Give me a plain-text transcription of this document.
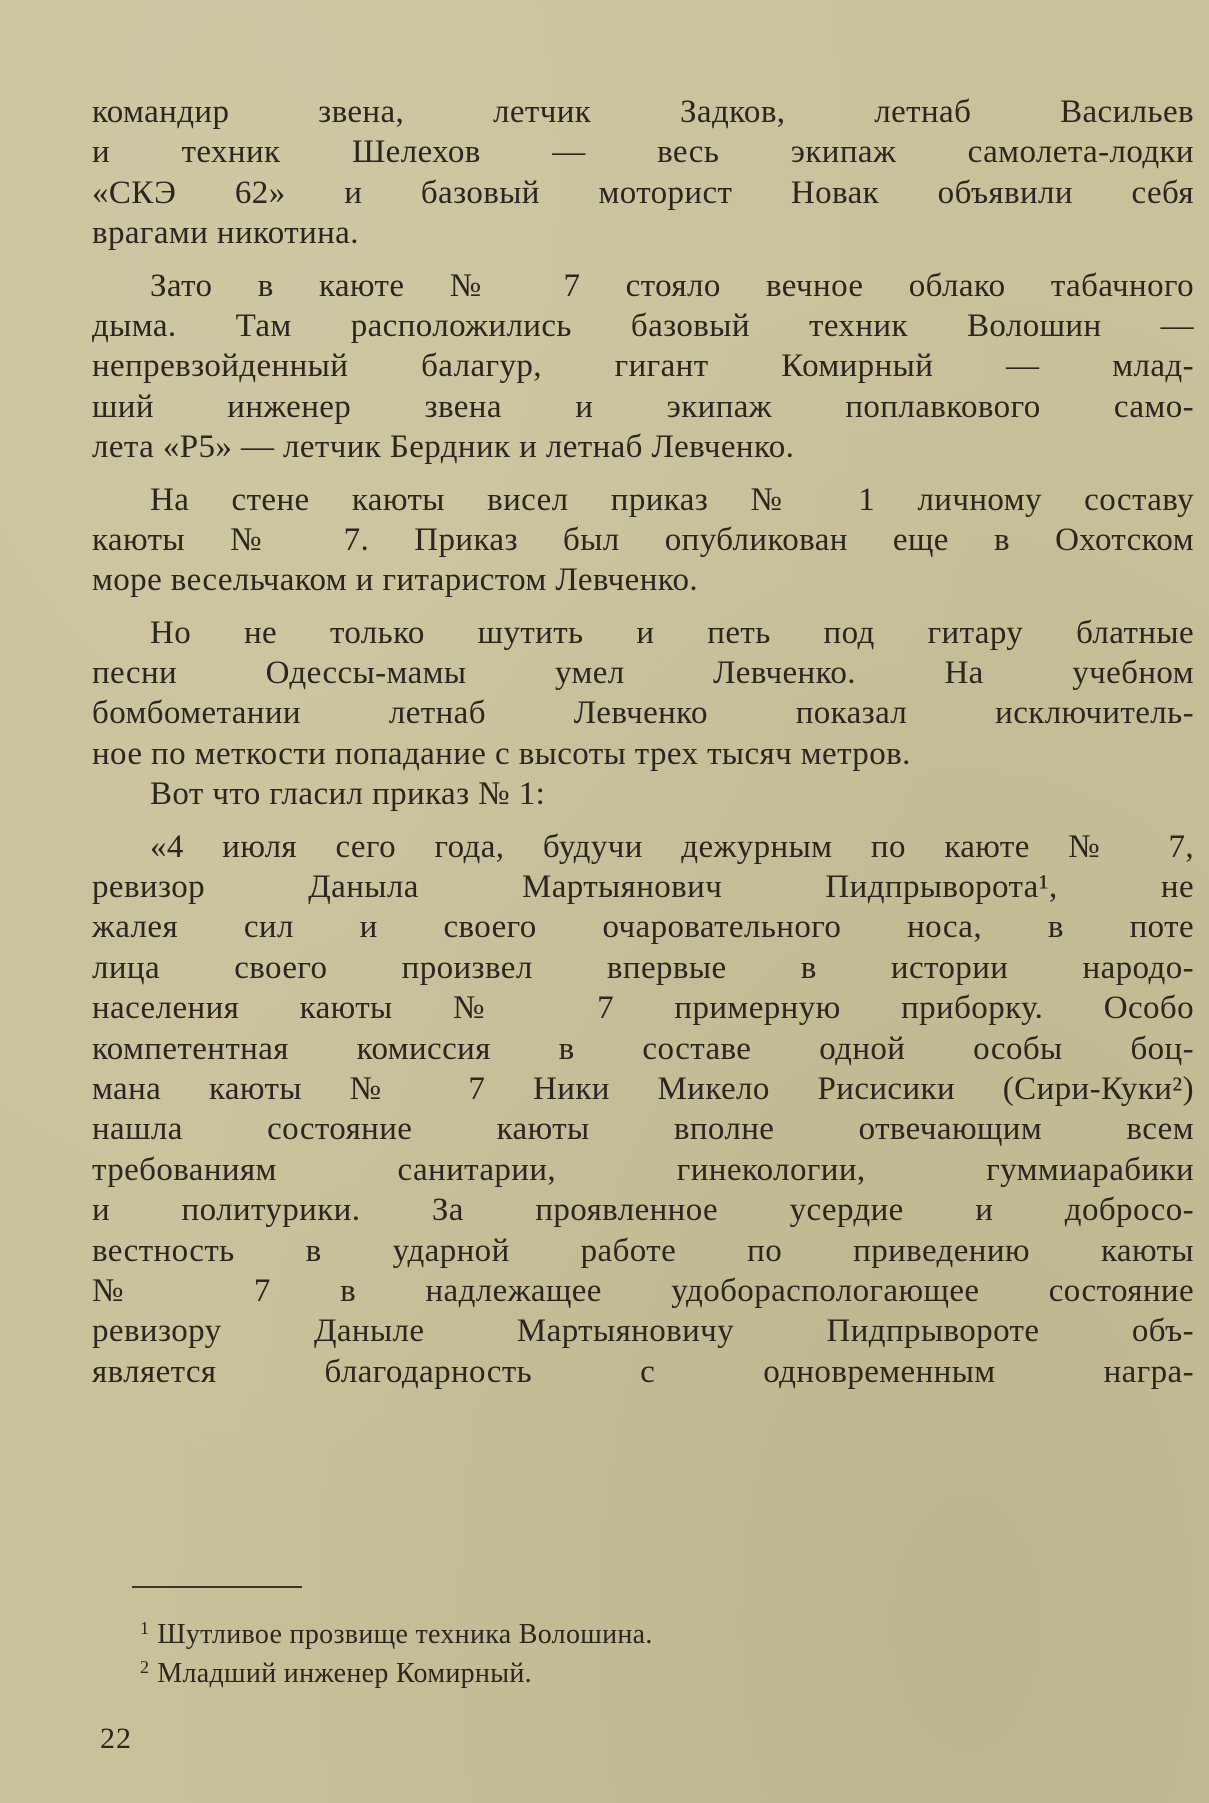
командир звена, летчик Задков, летнаб Васильев
и техник Шелехов — весь экипаж самолета-лодки
«СКЭ 62» и базовый моторист Новак объявили себя
врагами никотина.
Зато в каюте № 7 стояло вечное облако табачного
дыма. Там расположились базовый техник Волошин —
непревзойденный балагур, гигант Комирный — млад-
ший инженер звена и экипаж поплавкового само-
лета «Р5» — летчик Бердник и летнаб Левченко.
На стене каюты висел приказ № 1 личному составу
каюты № 7. Приказ был опубликован еще в Охотском
море весельчаком и гитаристом Левченко.
Но не только шутить и петь под гитару блатные
песни Одессы-мамы умел Левченко. На учебном
бомбометании летнаб Левченко показал исключитель-
ное по меткости попадание с высоты трех тысяч метров.
Вот что гласил приказ № 1:
«4 июля сего года, будучи дежурным по каюте № 7,
ревизор Даныла Мартыянович Пидпрыворота¹, не
жалея сил и своего очаровательного носа, в поте
лица своего произвел впервые в истории народо-
населения каюты № 7 примерную приборку. Особо
компетентная комиссия в составе одной особы боц-
мана каюты № 7 Ники Микело Рисисики (Сири-Куки²)
нашла состояние каюты вполне отвечающим всем
требованиям санитарии, гинекологии, гуммиарабики
и политурики. За проявленное усердие и добросо-
вестность в ударной работе по приведению каюты
№ 7 в надлежащее удобораспологающее состояние
ревизору Даныле Мартыяновичу Пидпрывороте объ-
является благодарность с одновременным награ-
$^1$ Шутливое прозвище техника Волошина.
$^2$ Младший инженер Комирный.
22
